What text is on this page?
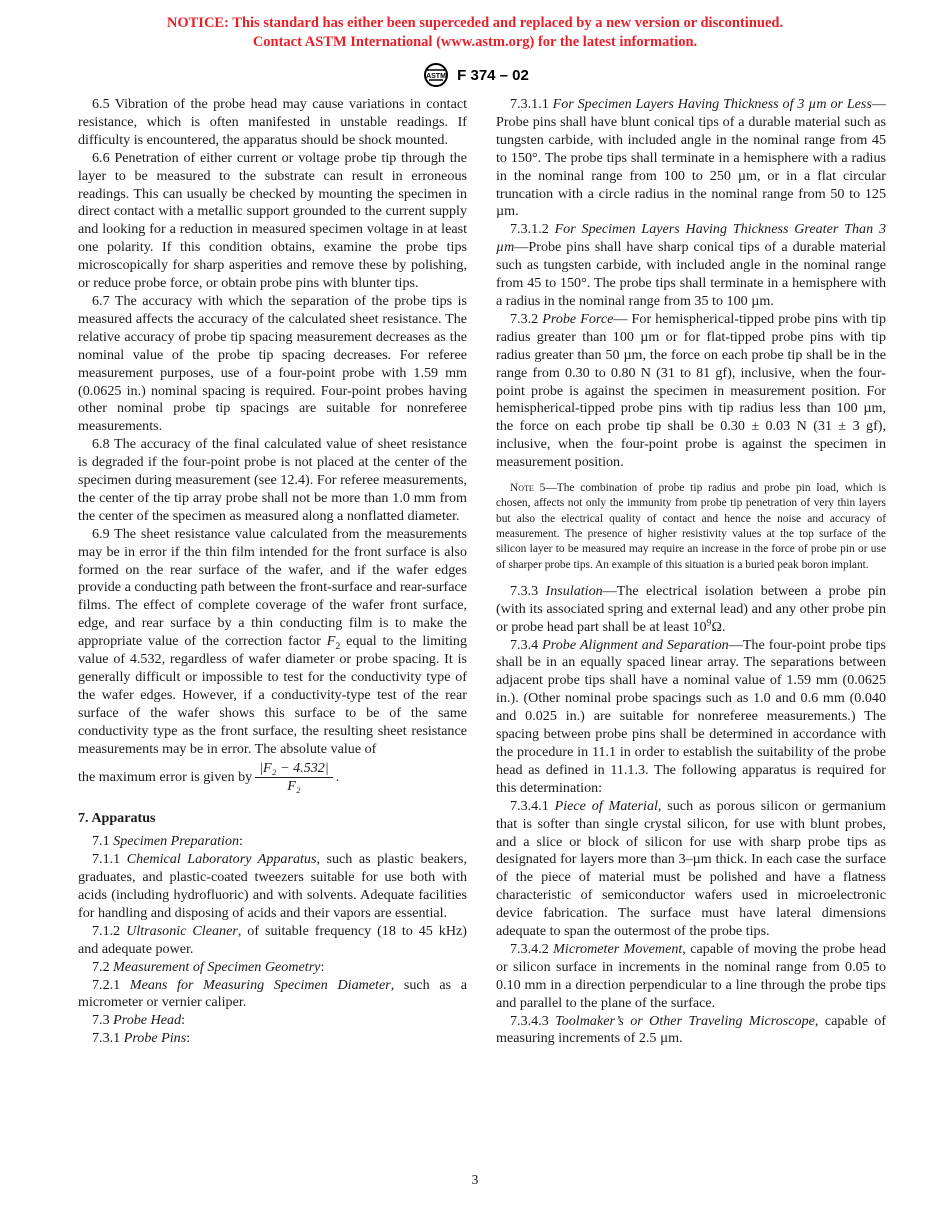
NOTICE: This standard has either been superceded and replaced by a new version or discontinued.
Contact ASTM International (www.astm.org) for the latest information.
ASTM F 374 – 02

6.5 Vibration of the probe head may cause variations in contact resistance, which is often manifested in unstable readings. If difficulty is encountered, the apparatus should be shock mounted.

6.6 Penetration of either current or voltage probe tip through the layer to be measured to the substrate can result in erroneous readings. This can usually be checked by mounting the specimen in direct contact with a metallic support grounded to the current supply and looking for a reduction in measured specimen voltage in at least one polarity. If this condition obtains, examine the probe tips microscopically for sharp asperities and remove these by polishing, or reduce probe force, or obtain probe pins with blunter tips.

6.7 The accuracy with which the separation of the probe tips is measured affects the accuracy of the calculated sheet resistance. The relative accuracy of probe tip spacing measurement decreases as the nominal value of the probe tip spacing decreases. For referee measurement purposes, use of a four-point probe with 1.59 mm (0.0625 in.) nominal spacing is required. Four-point probes having other nominal probe tip spacings are suitable for nonreferee measurements.

6.8 The accuracy of the final calculated value of sheet resistance is degraded if the four-point probe is not placed at the center of the specimen during measurement (see 12.4). For referee measurements, the center of the tip array probe shall not be more than 1.0 mm from the center of the specimen as measured along a nonflatted diameter.

6.9 The sheet resistance value calculated from the measurements may be in error if the thin film intended for the front surface is also formed on the rear surface of the wafer, and if the wafer edges provide a conducting path between the front-surface and rear-surface films. The effect of complete coverage of the wafer front surface, edge, and rear surface by a thin conducting film is to make the appropriate value of the correction factor $F_2$ equal to the limiting value of 4.532, regardless of wafer diameter or probe spacing. It is generally difficult or impossible to test for the conductivity type of the wafer edges. However, if a conductivity-type test of the rear surface of the wafer shows this surface to be of the same conductivity type as the front surface, the resulting sheet resistance measurements may be in error. The absolute value of

the maximum error is given by $\frac{\text{|F₂ − 4.532|}}{\text{F₂}}$ .
7. Apparatus

7.1 Specimen Preparation:

7.1.1 Chemical Laboratory Apparatus, such as plastic beakers, graduates, and plastic-coated tweezers suitable for use both with acids (including hydrofluoric) and with solvents. Adequate facilities for handling and disposing of acids and their vapors are essential.

7.1.2 Ultrasonic Cleaner, of suitable frequency (18 to 45 kHz) and adequate power.

7.2 Measurement of Specimen Geometry:

7.2.1 Means for Measuring Specimen Diameter, such as a micrometer or vernier caliper.

7.3 Probe Head:

7.3.1 Probe Pins:

7.3.1.1 For Specimen Layers Having Thickness of 3 µm or Less—Probe pins shall have blunt conical tips of a durable material such as tungsten carbide, with included angle in the nominal range from 45 to 150°. The probe tips shall terminate in a hemisphere with a radius in the nominal range from 100 to 250 µm, or in a flat circular truncation with a circle radius in the nominal range from 50 to 125 µm.

7.3.1.2 For Specimen Layers Having Thickness Greater Than 3 µm—Probe pins shall have sharp conical tips of a durable material such as tungsten carbide, with included angle in the nominal range from 45 to 150°. The probe tips shall terminate in a hemisphere with a radius in the nominal range from 35 to 100 µm.

7.3.2 Probe Force— For hemispherical-tipped probe pins with tip radius greater than 100 µm or for flat-tipped probe pins with tip radius greater than 50 µm, the force on each probe tip shall be in the range from 0.30 to 0.80 N (31 to 81 gf), inclusive, when the four-point probe is against the specimen in measurement position. For hemispherical-tipped probe pins with tip radius less than 100 µm, the force on each probe tip shall be 0.30 ± 0.03 N (31 ± 3 gf), inclusive, when the four-point probe is against the specimen in measurement position.

Note 5—The combination of probe tip radius and probe pin load, which is chosen, affects not only the immunity from probe tip penetration of very thin layers but also the electrical quality of contact and hence the noise and accuracy of measurement. The presence of higher resistivity values at the top surface of the silicon layer to be measured may require an increase in the force of probe pin or use of sharper probe tips. An example of this situation is a buried peak boron implant.

7.3.3 Insulation—The electrical isolation between a probe pin (with its associated spring and external lead) and any other probe pin or probe head part shall be at least $10^9\Omega$.

7.3.4 Probe Alignment and Separation—The four-point probe tips shall be in an equally spaced linear array. The separations between adjacent probe tips shall have a nominal value of 1.59 mm (0.0625 in.). (Other nominal probe spacings such as 1.0 and 0.6 mm (0.040 and 0.025 in.) are suitable for nonreferee measurements.) The spacing between probe pins shall be determined in accordance with the procedure in 11.1 in order to establish the suitability of the probe head as defined in 11.1.3. The following apparatus is required for this determination:

7.3.4.1 Piece of Material, such as porous silicon or germanium that is softer than single crystal silicon, for use with blunt probes, and a slice or block of silicon for use with sharp probe tips as designated for layers more than 3–µm thick. In each case the surface of the piece of material must be polished and have a flatness characteristic of semiconductor wafers used in microelectronic device fabrication. The surface must have lateral dimensions adequate to span the outermost of the probe tips.

7.3.4.2 Micrometer Movement, capable of moving the probe head or silicon surface in increments in the nominal range from 0.05 to 0.10 mm in a direction perpendicular to a line through the probe tips and parallel to the plane of the surface.

7.3.4.3 Toolmaker’s or Other Traveling Microscope, capable of measuring increments of 2.5 µm.

3
